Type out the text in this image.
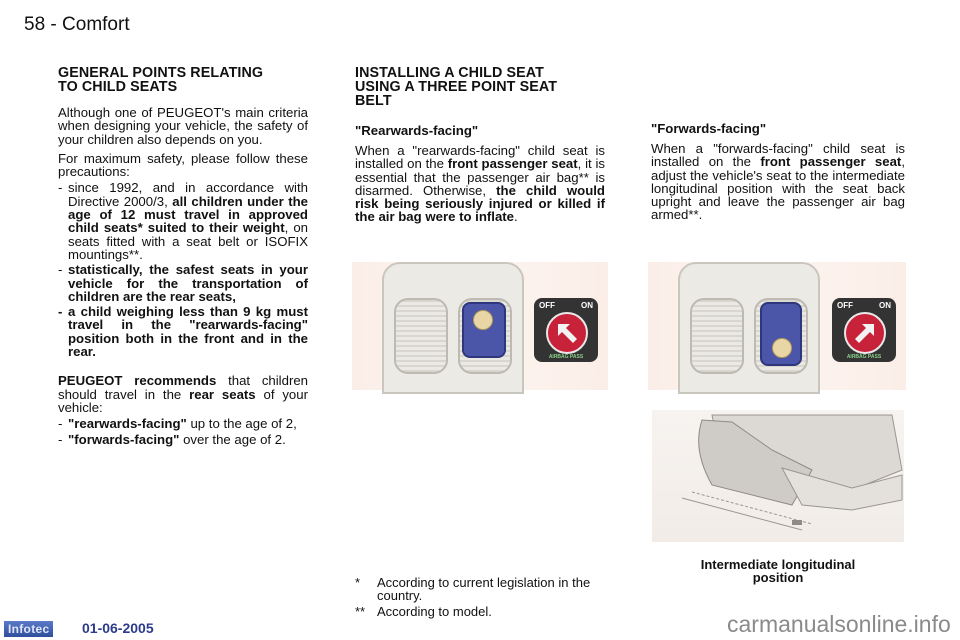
58 - Comfort
GENERAL POINTS RELATING
TO CHILD SEATS

Although one of PEUGEOT's main criteria when designing your vehicle, the safety of your children also depends on you.

For maximum safety, please follow these precautions:

- since 1992, and in accordance with Directive 2000/3, all children under the age of 12 must travel in approved child seats* suited to their weight, on seats fitted with a seat belt or ISOFIX mountings**.
- statistically, the safest seats in your vehicle for the transportation of children are the rear seats,
- a child weighing less than 9 kg must travel in the "rearwards-facing" position both in the front and in the rear.

PEUGEOT recommends that children should travel in the rear seats of your vehicle:

- "rearwards-facing" up to the age of 2,
- "forwards-facing" over the age of 2.
INSTALLING A CHILD SEAT
USING A THREE POINT SEAT
BELT
"Rearwards-facing"

When a "rearwards-facing" child seat is installed on the front passenger seat, it is essential that the passenger air bag** is disarmed. Otherwise, the child would risk being seriously injured or killed if the air bag were to inflate.

"Forwards-facing"

When a "forwards-facing" child seat is installed on the front passenger seat, adjust the vehicle's seat to the intermediate longitudinal position with the seat back upright and leave the passenger air bag armed**.

OFF	ON
AIRBAG PASS
OFF	ON
AIRBAG PASS
Intermediate longitudinal
position
*	According to current legislation in the country.
** According to model.
Infotec 01-06-2005	carmanualsonline.info
